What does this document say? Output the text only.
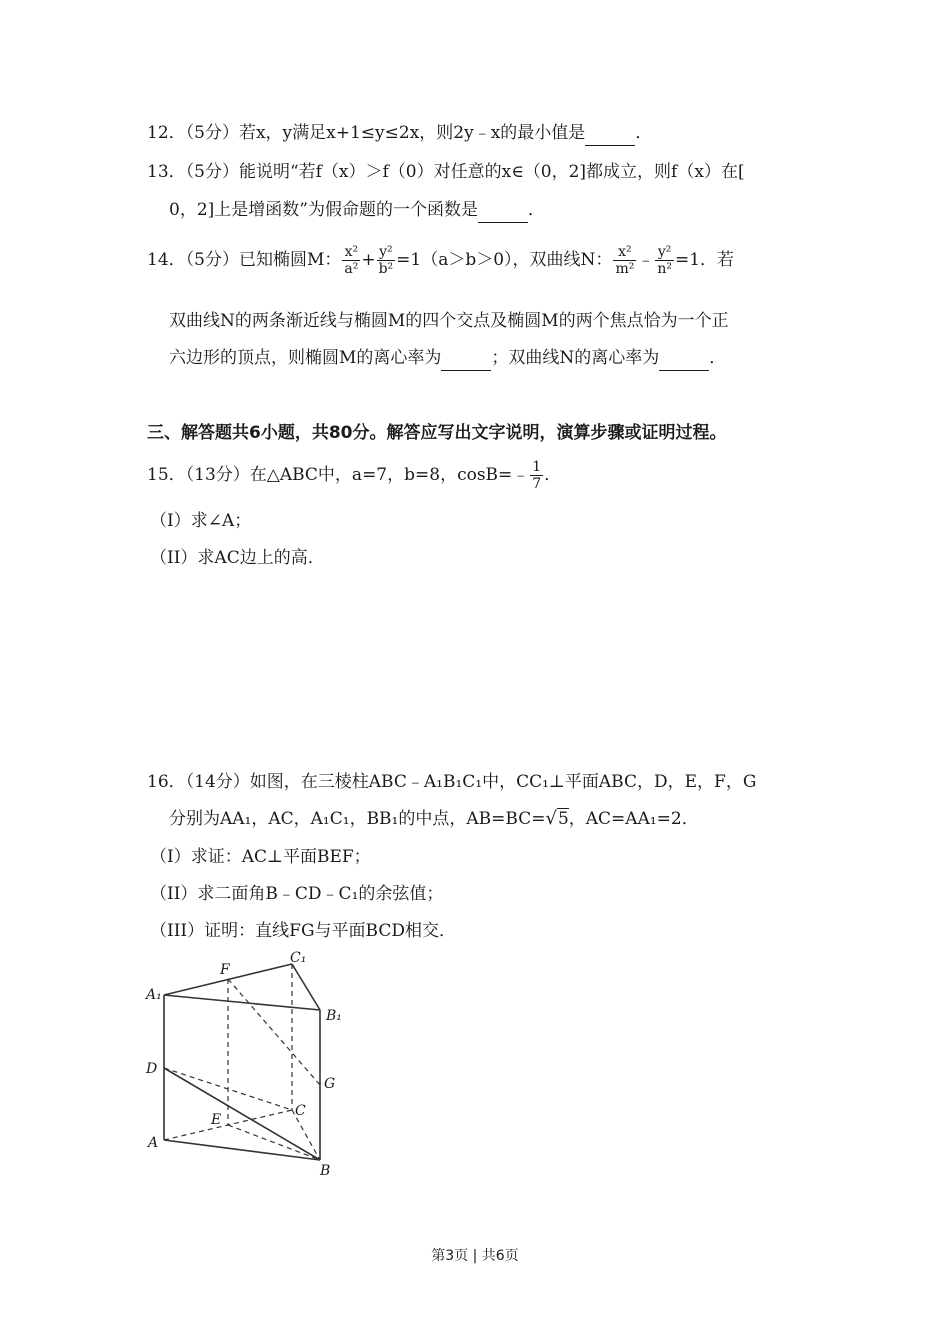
12．（5分）若x，y满足x+1≤y≤2x，则2y﹣x的最小值是	．
13．（5分）能说明“若f（x）＞f（0）对任意的x∈（0，2]都成立，则f（x）在[
0，2]上是增函数”为假命题的一个函数是	．
14．（5分）已知椭圆M： $\frac{\text{x²}}{\text{a²}} + \frac{\text{y²}}{\text{b²}} =1(a>b>0)$，双曲线N： $\frac{\text{x²}}{\text{m²}}$ ﹣ $\frac{\text{y²}}{\text{n²}} =1$．若
双曲线N的两条渐近线与椭圆M的四个交点及椭圆M的两个焦点恰为一个正
六边形的顶点，则椭圆M的离心率为	；双曲线N的离心率为	．
三、解答题共6小题，共80分。解答应写出文字说明，演算步骤或证明过程。
15．（13分）在△ABC中，a=7，b=8，cosB=﹣ $\frac{1}{7}$ ．
（I）求∠A；
（II）求AC边上的高．
16．（14分）如图，在三棱柱ABC﹣A₁B₁C₁中，CC₁⊥平面ABC，D，E，F，G
分别为AA₁，AC，A₁C₁，BB₁的中点，AB=BC=√5，AC=AA₁=2．
（I）求证：AC⊥平面BEF；
（II）求二面角B﹣CD﹣C₁的余弦值；
（III）证明：直线FG与平面BCD相交．
A₁
B₁
C₁
F
D
G
E
C
A
B
第3页 | 共6页
